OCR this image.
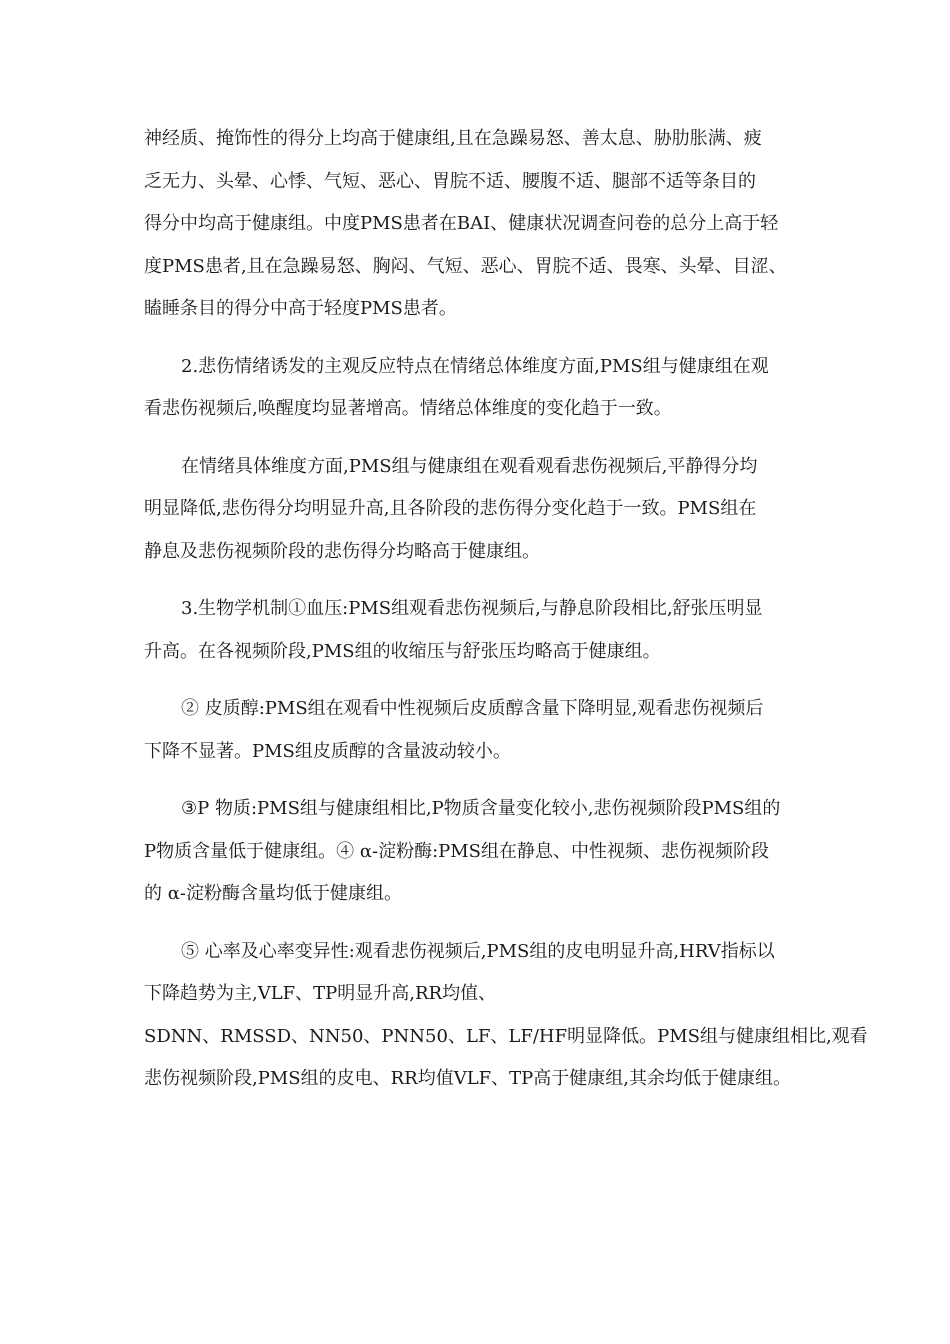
神经质、掩饰性的得分上均高于健康组,且在急躁易怒、善太息、胁肋胀满、疲
乏无力、头晕、心悸、气短、恶心、胃脘不适、腰腹不适、腿部不适等条目的
得分中均高于健康组。中度PMS患者在BAI、健康状况调查问卷的总分上高于轻
度PMS患者,且在急躁易怒、胸闷、气短、恶心、胃脘不适、畏寒、头晕、目涩、
瞌睡条目的得分中高于轻度PMS患者。
2.悲伤情绪诱发的主观反应特点在情绪总体维度方面,PMS组与健康组在观
看悲伤视频后,唤醒度均显著增高。情绪总体维度的变化趋于一致。
在情绪具体维度方面,PMS组与健康组在观看观看悲伤视频后,平静得分均
明显降低,悲伤得分均明显升高,且各阶段的悲伤得分变化趋于一致。PMS组在
静息及悲伤视频阶段的悲伤得分均略高于健康组。
3.生物学机制①血压:PMS组观看悲伤视频后,与静息阶段相比,舒张压明显
升高。在各视频阶段,PMS组的收缩压与舒张压均略高于健康组。
② 皮质醇:PMS组在观看中性视频后皮质醇含量下降明显,观看悲伤视频后
下降不显著。PMS组皮质醇的含量波动较小。
③P 物质:PMS组与健康组相比,P物质含量变化较小,悲伤视频阶段PMS组的
P物质含量低于健康组。④ α-淀粉酶:PMS组在静息、中性视频、悲伤视频阶段
的 α-淀粉酶含量均低于健康组。
⑤ 心率及心率变异性:观看悲伤视频后,PMS组的皮电明显升高,HRV指标以
下降趋势为主,VLF、TP明显升高,RR均值、
SDNN、RMSSD、NN50、PNN50、LF、LF/HF明显降低。PMS组与健康组相比,观看
悲伤视频阶段,PMS组的皮电、RR均值VLF、TP高于健康组,其余均低于健康组。
